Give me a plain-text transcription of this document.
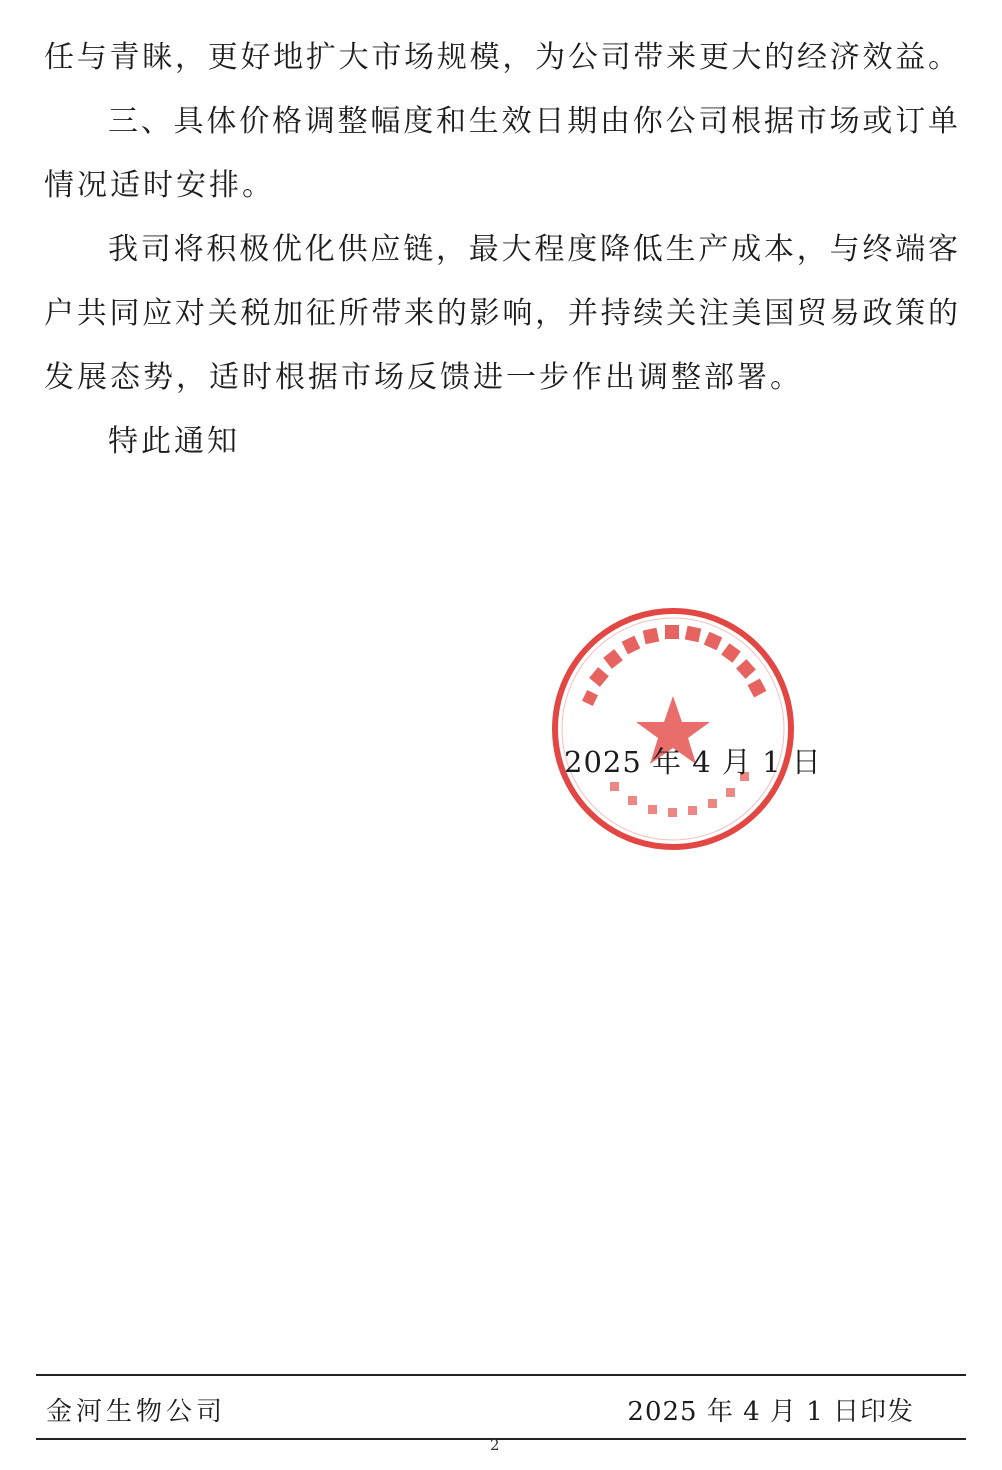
任与青睐，更好地扩大市场规模，为公司带来更大的经济效益。
三、具体价格调整幅度和生效日期由你公司根据市场或订单
情况适时安排。
我司将积极优化供应链，最大程度降低生产成本，与终端客
户共同应对关税加征所带来的影响，并持续关注美国贸易政策的
发展态势，适时根据市场反馈进一步作出调整部署。
特此通知
2025 年 4 月 1 日
金河生物公司	2025 年 4 月 1 日印发
2
